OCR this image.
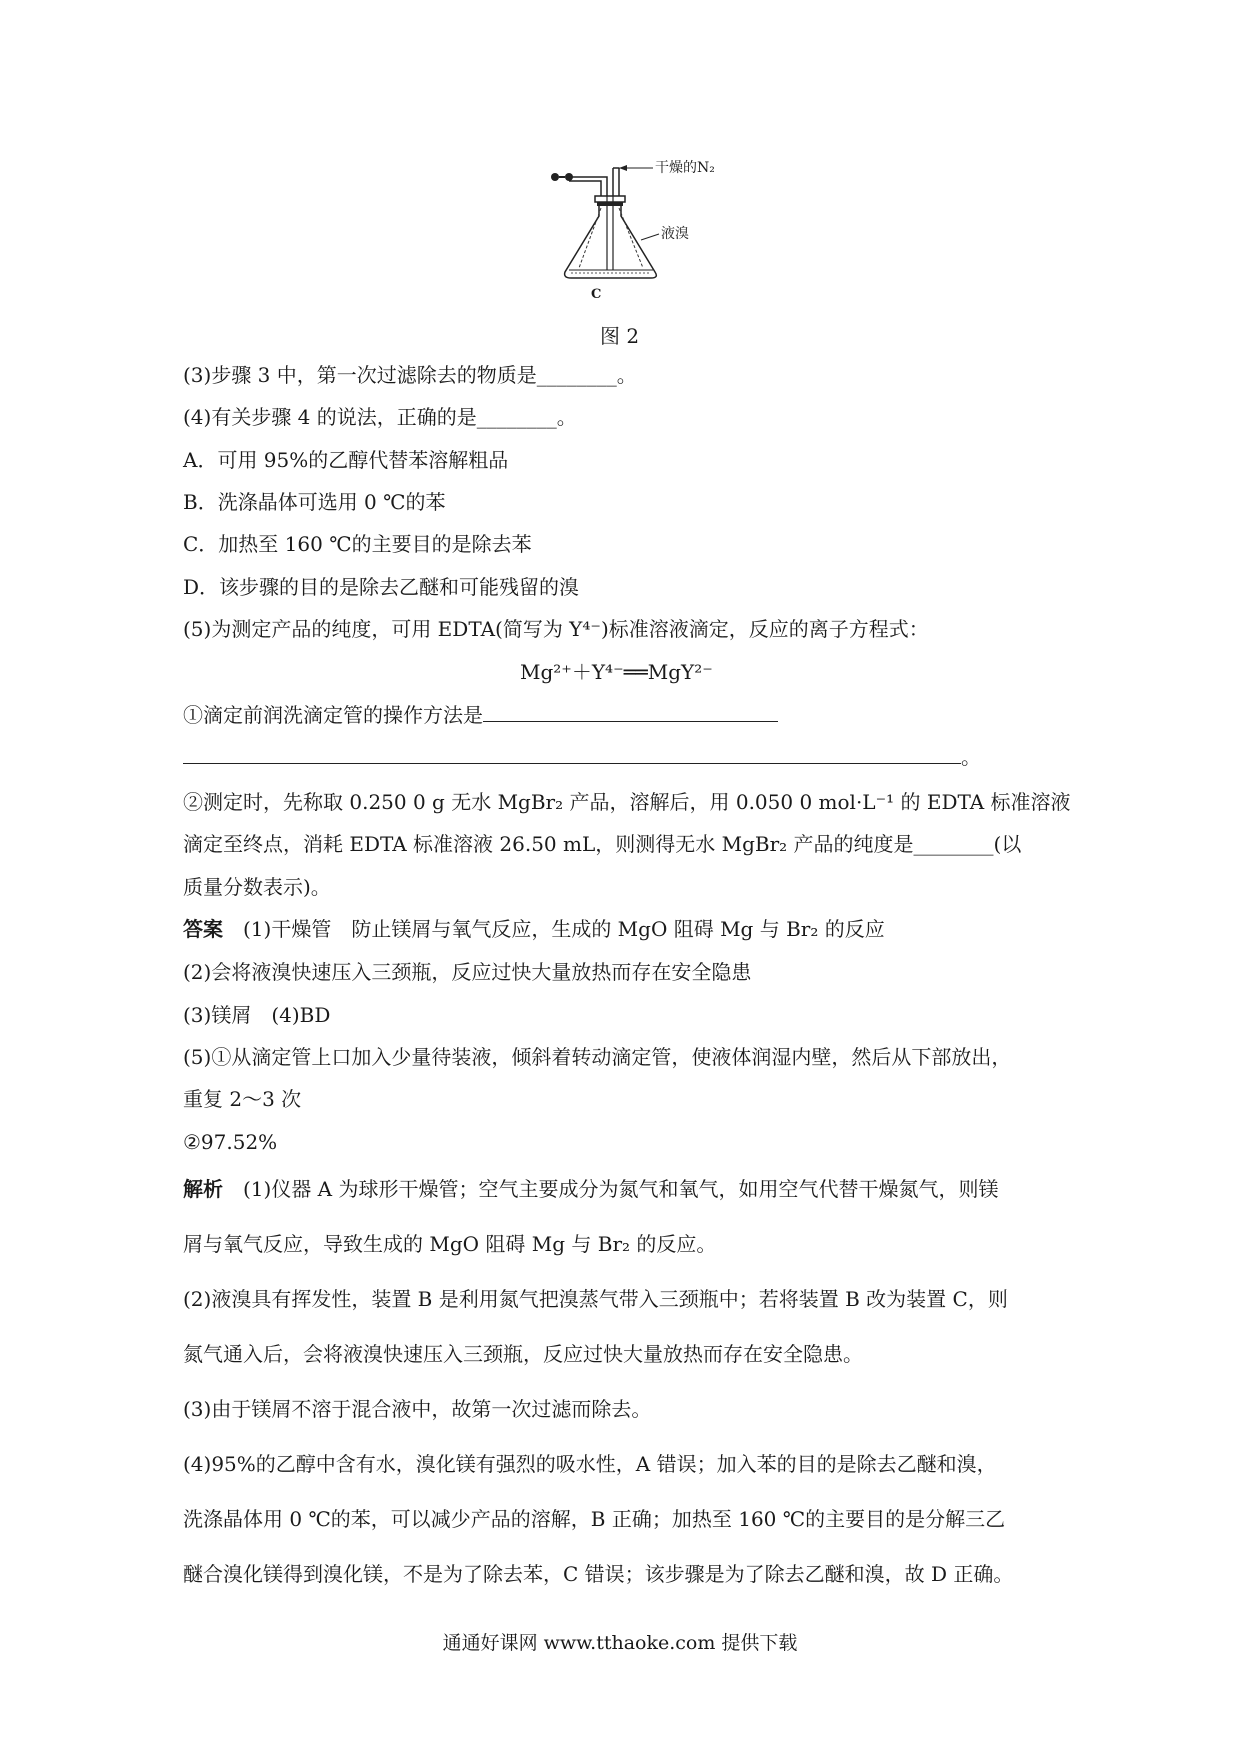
干燥的N₂
液溴
C
图 2
(3)步骤 3 中，第一次过滤除去的物质是________。
(4)有关步骤 4 的说法，正确的是________。
A．可用 95%的乙醇代替苯溶解粗品
B．洗涤晶体可选用 0 ℃的苯
C．加热至 160 ℃的主要目的是除去苯
D．该步骤的目的是除去乙醚和可能残留的溴
(5)为测定产品的纯度，可用 EDTA(简写为 Y⁴⁻)标准溶液滴定，反应的离子方程式：
Mg²⁺＋Y⁴⁻══MgY²⁻
①滴定前润洗滴定管的操作方法是
。
②测定时，先称取 0.250 0 g 无水 MgBr₂ 产品，溶解后，用 0.050 0 mol·L⁻¹ 的 EDTA 标准溶液
滴定至终点，消耗 EDTA 标准溶液 26.50 mL，则测得无水 MgBr₂ 产品的纯度是________(以
质量分数表示)。
答案　 (1)干燥管　防止镁屑与氧气反应，生成的 MgO 阻碍 Mg 与 Br₂ 的反应
(2)会将液溴快速压入三颈瓶，反应过快大量放热而存在安全隐患
(3)镁屑　(4)BD
(5)①从滴定管上口加入少量待装液，倾斜着转动滴定管，使液体润湿内壁，然后从下部放出，
重复 2～3 次
②97.52%
解析　 (1)仪器 A 为球形干燥管；空气主要成分为氮气和氧气，如用空气代替干燥氮气，则镁
屑与氧气反应，导致生成的 MgO 阻碍 Mg 与 Br₂ 的反应。
(2)液溴具有挥发性，装置 B 是利用氮气把溴蒸气带入三颈瓶中；若将装置 B 改为装置 C，则
氮气通入后，会将液溴快速压入三颈瓶，反应过快大量放热而存在安全隐患。
(3)由于镁屑不溶于混合液中，故第一次过滤而除去。
(4)95%的乙醇中含有水，溴化镁有强烈的吸水性，A 错误；加入苯的目的是除去乙醚和溴，
洗涤晶体用 0 ℃的苯，可以减少产品的溶解，B 正确；加热至 160 ℃的主要目的是分解三乙
醚合溴化镁得到溴化镁，不是为了除去苯，C 错误；该步骤是为了除去乙醚和溴，故 D 正确。
通通好课网 www.tthaoke.com 提供下载
